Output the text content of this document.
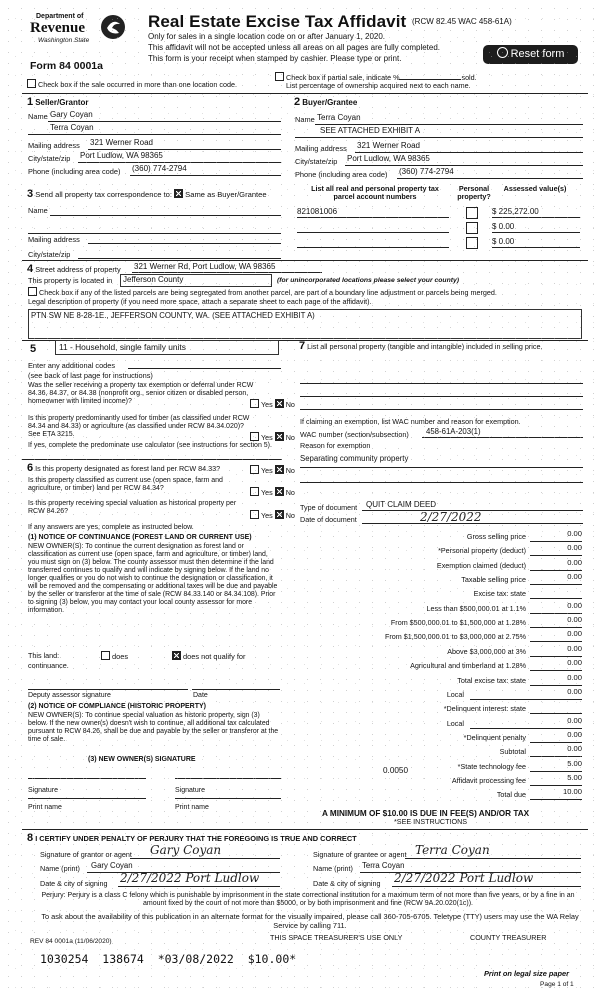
Department of
Revenue
Washington State
Form 84 0001a
Real Estate Excise Tax Affidavit (RCW 82.45 WAC 458-61A)
Only for sales in a single location code on or after January 1, 2020.
This affidavit will not be accepted unless all areas on all pages are fully completed.
This form is your receipt when stamped by cashier. Please type or print.	Reset form
Check box if the sale occurred in more than one location code.
Check box if partial sale, indicate %	sold.
List percentage of ownership acquired next to each name.
1 Seller/Grantor
Name Gary Coyan
Terra Coyan
Mailing address 321 Werner Road
City/state/zip Port Ludlow, WA 98365
Phone (including area code) (360) 774-2794
2 Buyer/Grantee
Name Terra Coyan
SEE ATTACHED EXHIBIT A
Mailing address 321 Werner Road
City/state/zip Port Ludlow, WA 98365
Phone (including area code) (360) 774-2794
3 Send all property tax correspondence to: Same as Buyer/Grantee
Name
Mailing address
City/state/zip
List all real and personal property tax parcel account numbers
Personal property?
Assessed value(s)
821081006	$ 225,272.00
$ 0.00
$ 0.00
4 Street address of property 321 Werner Rd, Port Ludlow, WA 98365
This property is located in	Jefferson County	(for unincorporated locations please select your county)
Check box if any of the listed parcels are being segregated from another parcel, are part of a boundary line adjustment or parcels being merged.
Legal description of property (if you need more space, attach a separate sheet to each page of the affidavit).
PTN SW NE 8-28-1E., JEFFERSON COUNTY, WA. (SEE ATTACHED EXHIBIT A)
5	11 - Household, single family units
Enter any additional codes
(see back of last page for instructions)
Was the seller receiving a property tax exemption or deferral under RCW 84.36, 84.37, or 84.38 (nonprofit org., senior citizen or disabled person, homeowner with limited income)?	Yes No
Is this property predominantly used for timber (as classified under RCW 84.34 and 84.33) or agriculture (as classified under RCW 84.34.020)? See ETA 3215.	Yes No
If yes, complete the predominate use calculator (see instructions for section 5).
6 Is this property designated as forest land per RCW 84.33?	Yes No
Is this property classified as current use (open space, farm and agriculture, or timber) land per RCW 84.34?	Yes No
Is this property receiving special valuation as historical property per RCW 84.26?	Yes No
If any answers are yes, complete as instructed below.
(1) NOTICE OF CONTINUANCE (FOREST LAND OR CURRENT USE)
NEW OWNER(S): To continue the current designation as forest land or classification as current use (open space, farm and agriculture, or timber) land, you must sign on (3) below. The county assessor must then determine if the land transferred continues to qualify and will indicate by signing below. If the land no longer qualifies or you do not wish to continue the designation or classification, it will be removed and the compensating or additional taxes will be due and payable by the seller or transferor at the time of sale (RCW 84.33.140 or 84.34.108). Prior to signing (3) below, you may contact your local county assessor for more information.
This land:
continuance.
does	does not qualify for
Deputy assessor signature	Date
(2) NOTICE OF COMPLIANCE (HISTORIC PROPERTY)
NEW OWNER(S): To continue special valuation as historic property, sign (3) below. If the new owner(s) doesn't wish to continue, all additional tax calculated pursuant to RCW 84.26, shall be due and payable by the seller or transferor at the time of sale.
(3) NEW OWNER(S) SIGNATURE
Signature	Signature
Print name	Print name
7 List all personal property (tangible and intangible) included in selling price.
If claiming an exemption, list WAC number and reason for exemption.
WAC number (section/subsection)	458-61A-203(1)
Reason for exemption
Separating community property
Type of document	QUIT CLAIM DEED
Date of document	2/27/2022
Gross selling price	0.00
*Personal property (deduct)	0.00
Exemption claimed (deduct)	0.00
Taxable selling price	0.00
Excise tax: state
Less than $500,000.01 at 1.1%	0.00
From $500,000.01 to $1,500,000 at 1.28%	0.00
From $1,500,000.01 to $3,000,000 at 2.75%	0.00
Above $3,000,000 at 3%	0.00
Agricultural and timberland at 1.28%	0.00
Total excise tax: state	0.00
Local	0.00
*Delinquent interest: state
Local	0.00
*Delinquent penalty	0.00
Subtotal	0.00
*State technology fee	5.00
Affidavit processing fee	5.00
Total due	10.00
0.0050
A MINIMUM OF $10.00 IS DUE IN FEE(S) AND/OR TAX
*SEE INSTRUCTIONS
8 I CERTIFY UNDER PENALTY OF PERJURY THAT THE FOREGOING IS TRUE AND CORRECT
Signature of grantor or agent	Gary Coyan
Name (print)	Gary Coyan
Date & city of signing 2/27/2022 Port Ludlow
Signature of grantee or agent Terra Coyan
Name (print) Terra Coyan
Date & city of signing 2/27/2022 Port Ludlow
Perjury: Perjury is a class C felony which is punishable by imprisonment in the state correctional institution for a maximum term of not more than five years, or by a fine in an amount fixed by the court of not more than $5000, or by both imprisonment and fine (RCW 9A.20.020(1c)).
To ask about the availability of this publication in an alternate format for the visually impaired, please call 360-705-6705. Teletype (TTY) users may use the WA Relay Service by calling 711.
REV 84 0001a (11/06/2020)	THIS SPACE TREASURER'S USE ONLY	COUNTY TREASURER
1030254  138674  *03/08/2022  $10.00*
Print on legal size paper
Page 1 of 1
